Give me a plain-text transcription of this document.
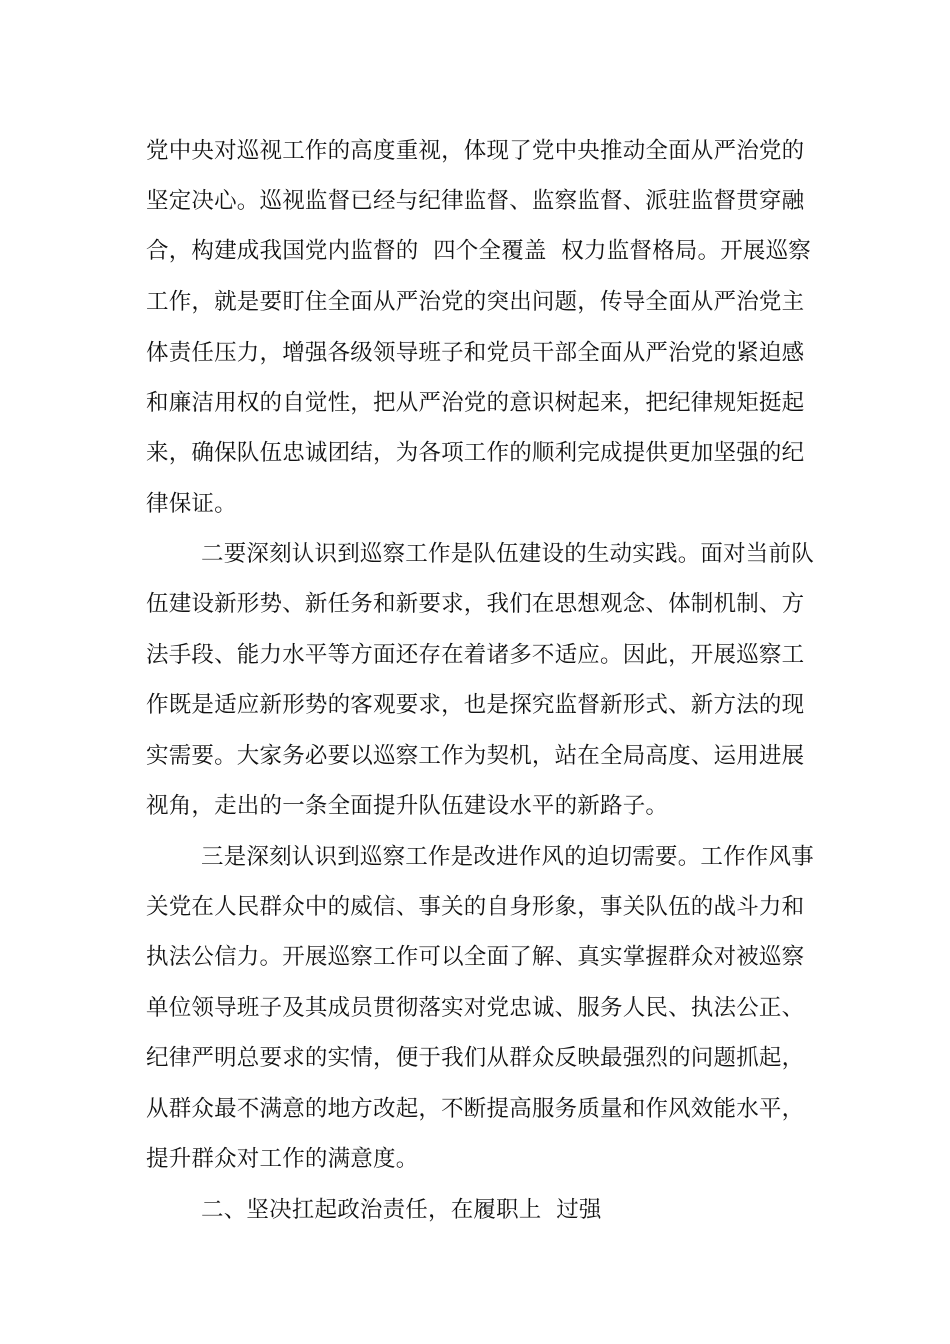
党中央对巡视工作的高度重视，体现了党中央推动全面从严治党的
坚定决心。巡视监督已经与纪律监督、监察监督、派驻监督贯穿融
合，构建成我国党内监督的  四个全覆盖  权力监督格局。开展巡察
工作，就是要盯住全面从严治党的突出问题，传导全面从严治党主
体责任压力，增强各级领导班子和党员干部全面从严治党的紧迫感
和廉洁用权的自觉性，把从严治党的意识树起来，把纪律规矩挺起
来，确保队伍忠诚团结，为各项工作的顺利完成提供更加坚强的纪
律保证。
二要深刻认识到巡察工作是队伍建设的生动实践。面对当前队
伍建设新形势、新任务和新要求，我们在思想观念、体制机制、方
法手段、能力水平等方面还存在着诸多不适应。因此，开展巡察工
作既是适应新形势的客观要求，也是探究监督新形式、新方法的现
实需要。大家务必要以巡察工作为契机，站在全局高度、运用进展
视角，走出的一条全面提升队伍建设水平的新路子。
三是深刻认识到巡察工作是改进作风的迫切需要。工作作风事
关党在人民群众中的威信、事关的自身形象，事关队伍的战斗力和
执法公信力。开展巡察工作可以全面了解、真实掌握群众对被巡察
单位领导班子及其成员贯彻落实对党忠诚、服务人民、执法公正、
纪律严明总要求的实情，便于我们从群众反映最强烈的问题抓起，
从群众最不满意的地方改起，不断提高服务质量和作风效能水平，
提升群众对工作的满意度。
二、坚决扛起政治责任，在履职上  过强
